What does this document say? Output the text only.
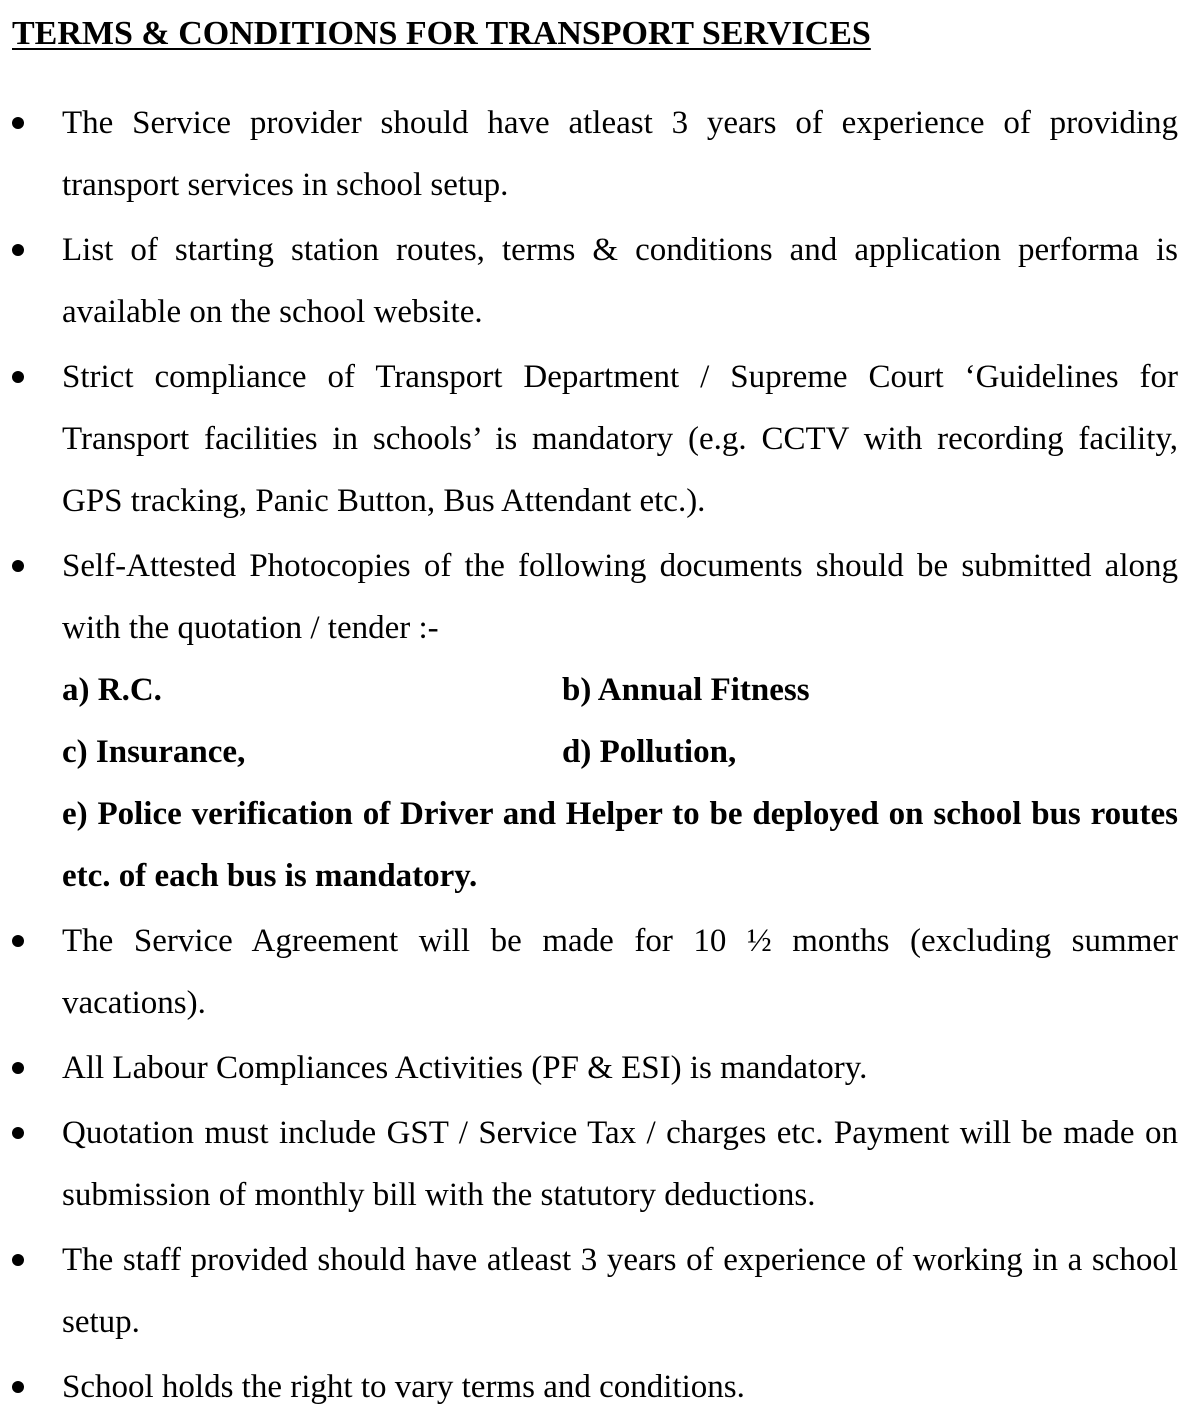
TERMS & CONDITIONS FOR TRANSPORT SERVICES
The Service provider should have atleast 3 years of experience of providing transport services in school setup.
List of starting station routes, terms & conditions and application performa is available on the school website.
Strict compliance of Transport Department / Supreme Court ‘Guidelines for Transport facilities in schools’ is mandatory (e.g. CCTV with recording facility, GPS tracking, Panic Button, Bus Attendant etc.).
Self-Attested Photocopies of the following documents should be submitted along with the quotation / tender :-
a) R.C.	b) Annual Fitness
c) Insurance,	d) Pollution,
e) Police verification of Driver and Helper to be deployed on school bus routes etc. of each bus is mandatory.
The Service Agreement will be made for 10 ½ months (excluding summer vacations).
All Labour Compliances Activities (PF & ESI) is mandatory.
Quotation must include GST / Service Tax / charges etc. Payment will be made on submission of monthly bill with the statutory deductions.
The staff provided should have atleast 3 years of experience of working in a school setup.
School holds the right to vary terms and conditions.
